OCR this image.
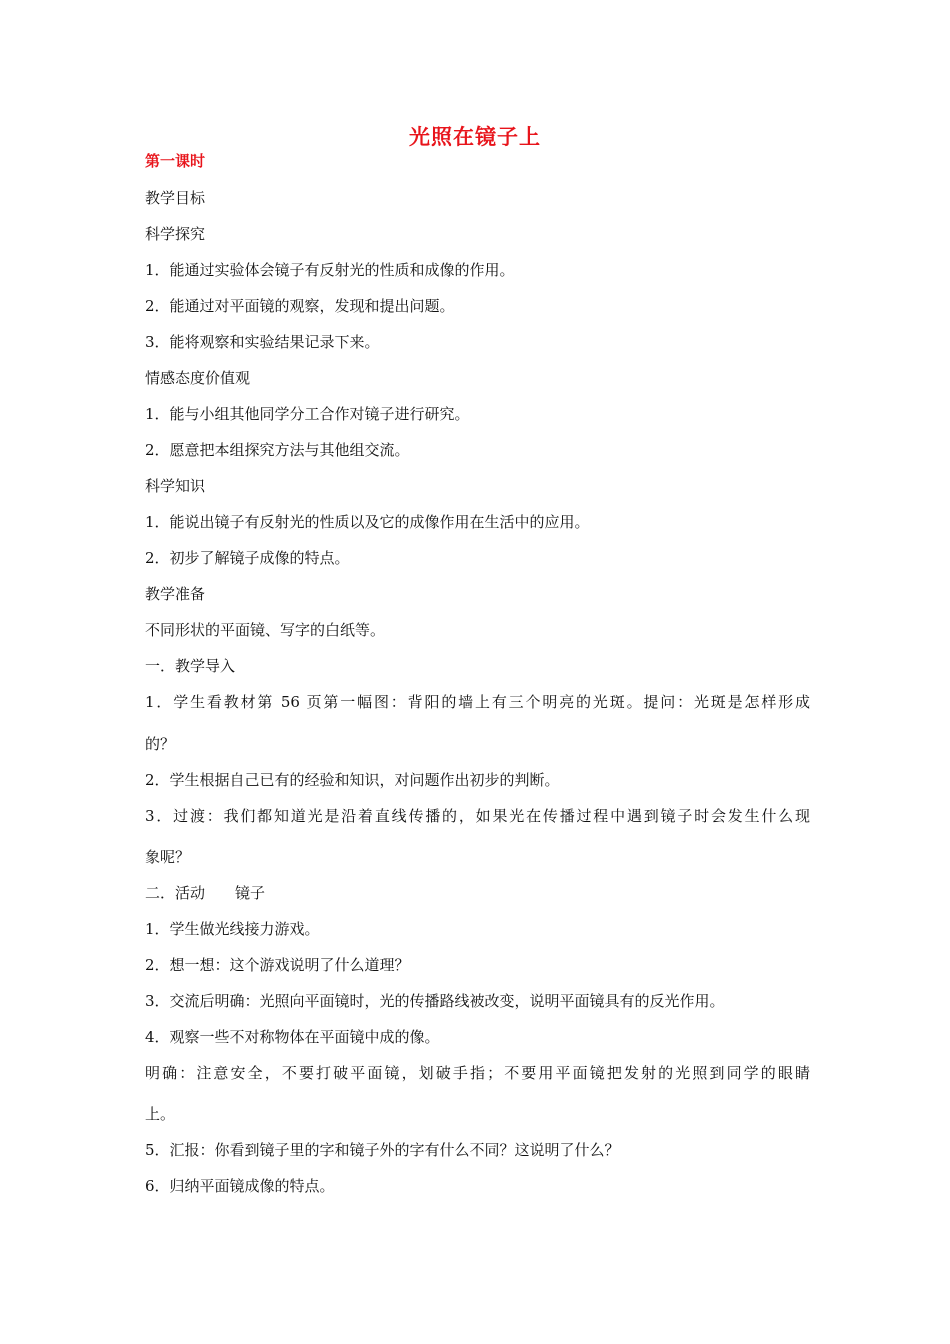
光照在镜子上
第一课时
教学目标
科学探究
1．能通过实验体会镜子有反射光的性质和成像的作用。
2．能通过对平面镜的观察，发现和提出问题。
3．能将观察和实验结果记录下来。
情感态度价值观
1．能与小组其他同学分工合作对镜子进行研究。
2．愿意把本组探究方法与其他组交流。
科学知识
1．能说出镜子有反射光的性质以及它的成像作用在生活中的应用。
2．初步了解镜子成像的特点。
教学准备
不同形状的平面镜、写字的白纸等。
一．教学导入
1．学生看教材第 56 页第一幅图：背阳的墙上有三个明亮的光斑。提问：光斑是怎样形成
的？
2．学生根据自己已有的经验和知识，对问题作出初步的判断。
3．过渡：我们都知道光是沿着直线传播的，如果光在传播过程中遇到镜子时会发生什么现
象呢？
二．活动　　镜子
1．学生做光线接力游戏。
2．想一想：这个游戏说明了什么道理？
3．交流后明确：光照向平面镜时，光的传播路线被改变，说明平面镜具有的反光作用。
4．观察一些不对称物体在平面镜中成的像。
明确：注意安全，不要打破平面镜，划破手指；不要用平面镜把发射的光照到同学的眼睛
上。
5．汇报：你看到镜子里的字和镜子外的字有什么不同？这说明了什么？
6．归纳平面镜成像的特点。
